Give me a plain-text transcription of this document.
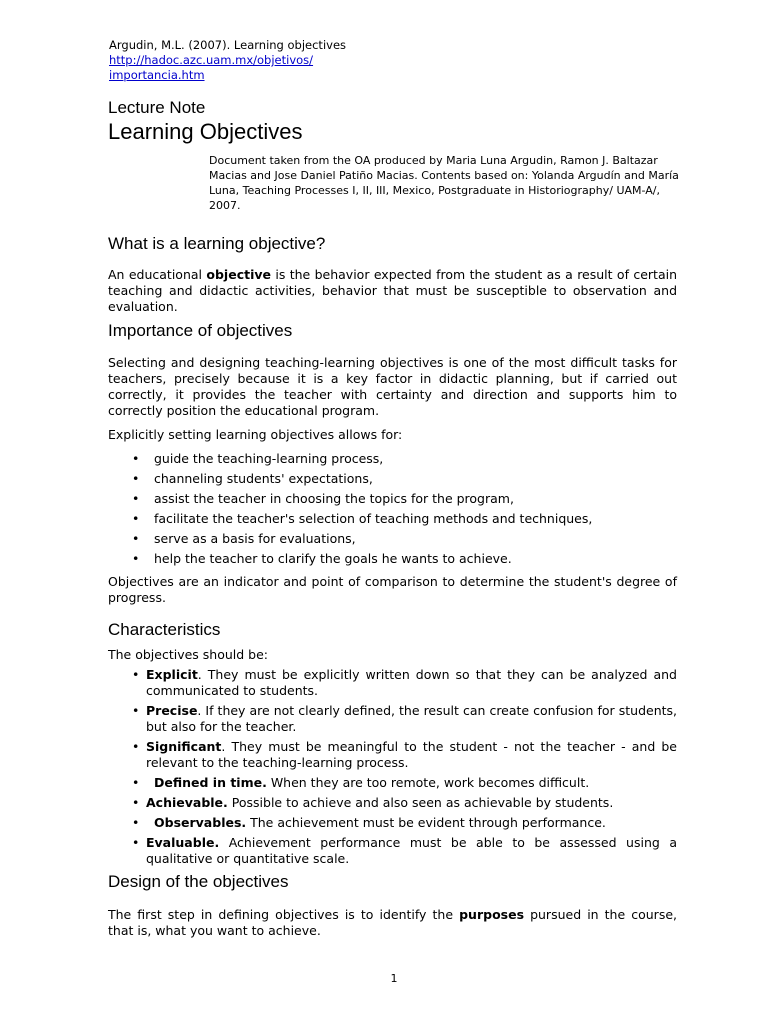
Argudin, M.L. (2007). Learning objectives
http://hadoc.azc.uam.mx/objetivos/
importancia.htm
Lecture Note
Learning Objectives
Document taken from the OA produced by Maria Luna Argudin, Ramon J. Baltazar Macias and Jose Daniel Patiño Macias. Contents based on: Yolanda Argudín and María Luna, Teaching Processes I, II, III, Mexico, Postgraduate in Historiography/ UAM-A/, 2007.
What is a learning objective?

An educational objective is the behavior expected from the student as a result of certain teaching and didactic activities, behavior that must be susceptible to observation and evaluation.

Importance of objectives

Selecting and designing teaching-learning objectives is one of the most difficult tasks for teachers, precisely because it is a key factor in didactic planning, but if carried out correctly, it provides the teacher with certainty and direction and supports him to correctly position the educational program.

Explicitly setting learning objectives allows for:

• guide the teaching-learning process,
• channeling students' expectations,
• assist the teacher in choosing the topics for the program,
• facilitate the teacher's selection of teaching methods and techniques,
• serve as a basis for evaluations,
• help the teacher to clarify the goals he wants to achieve.

Objectives are an indicator and point of comparison to determine the student's degree of progress.

Characteristics

The objectives should be:

• Explicit. They must be explicitly written down so that they can be analyzed and communicated to students.
• Precise. If they are not clearly defined, the result can create confusion for students, but also for the teacher.
• Significant. They must be meaningful to the student - not the teacher - and be relevant to the teaching-learning process.
• Defined in time. When they are too remote, work becomes difficult.
• Achievable. Possible to achieve and also seen as achievable by students.
• Observables. The achievement must be evident through performance.
• Evaluable. Achievement performance must be able to be assessed using a qualitative or quantitative scale.
Design of the objectives

The first step in defining objectives is to identify the purposes pursued in the course, that is, what you want to achieve.

1
